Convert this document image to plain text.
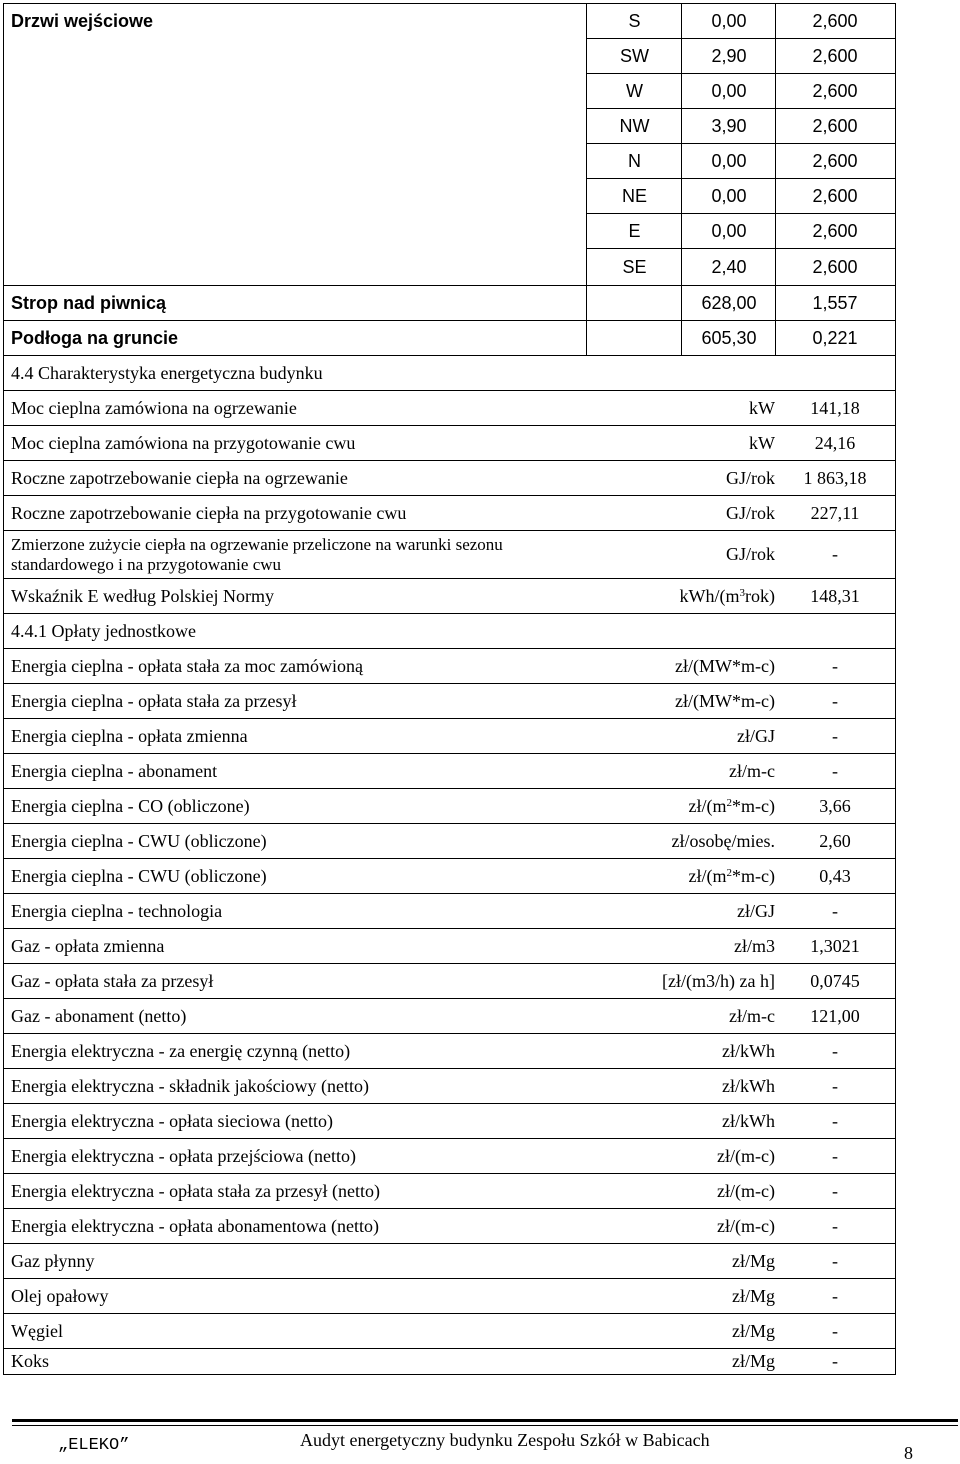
Drzwi wejściowe	S	0,00	2,600
SW	2,90	2,600
W	0,00	2,600
NW	3,90	2,600
N	0,00	2,600
NE	0,00	2,600
E	0,00	2,600
SE	2,40	2,600
Strop nad piwnicą	628,00	1,557
Podłoga na gruncie	605,30	0,221
4.4 Charakterystyka energetyczna budynku
Moc cieplna zamówiona na ogrzewanie	kW	141,18
Moc cieplna zamówiona na przygotowanie cwu	kW	24,16
Roczne zapotrzebowanie ciepła na ogrzewanie	GJ/rok	1 863,18
Roczne zapotrzebowanie ciepła na przygotowanie cwu	GJ/rok	227,11
Zmierzone zużycie ciepła na ogrzewanie przeliczone na warunki sezonu standardowego i na przygotowanie cwu	GJ/rok	-
Wskaźnik E według Polskiej Normy	kWh/($m^3$ rok)	148,31
4.4.1 Opłaty jednostkowe
Energia cieplna - opłata stała za moc zamówioną	zł/(MW*m-c)	-
Energia cieplna - opłata stała za przesył	zł/(MW*m-c)	-
Energia cieplna - opłata zmienna	zł/GJ	-
Energia cieplna - abonament	zł/m-c	-
Energia cieplna - CO (obliczone)	$zł/(m^2$ *m-c)	3,66
Energia cieplna - CWU (obliczone)	zł/osobę/mies.	2,60
Energia cieplna - CWU (obliczone)	$zł/(m^2$ *m-c)	0,43
Energia cieplna - technologia	zł/GJ	-
Gaz - opłata zmienna	zł/m3	1,3021
Gaz - opłata stała za przesył	[zł/(m3/h) za h]	0,0745
Gaz - abonament (netto)	zł/m-c	121,00
Energia elektryczna - za energię czynną (netto)	zł/kWh	-
Energia elektryczna - składnik jakościowy (netto)	zł/kWh	-
Energia elektryczna - opłata sieciowa (netto)	zł/kWh	-
Energia elektryczna - opłata przejściowa (netto)	zł/(m-c)	-
Energia elektryczna - opłata stała za przesył (netto)	zł/(m-c)	-
Energia elektryczna - opłata abonamentowa (netto)	zł/(m-c)	-
Gaz płynny	zł/Mg	-
Olej opałowy	zł/Mg	-
Węgiel	zł/Mg	-
Koks	zł/Mg	-
„ELEKO”	Audyt energetyczny budynku Zespołu Szkół w Babicach
8
